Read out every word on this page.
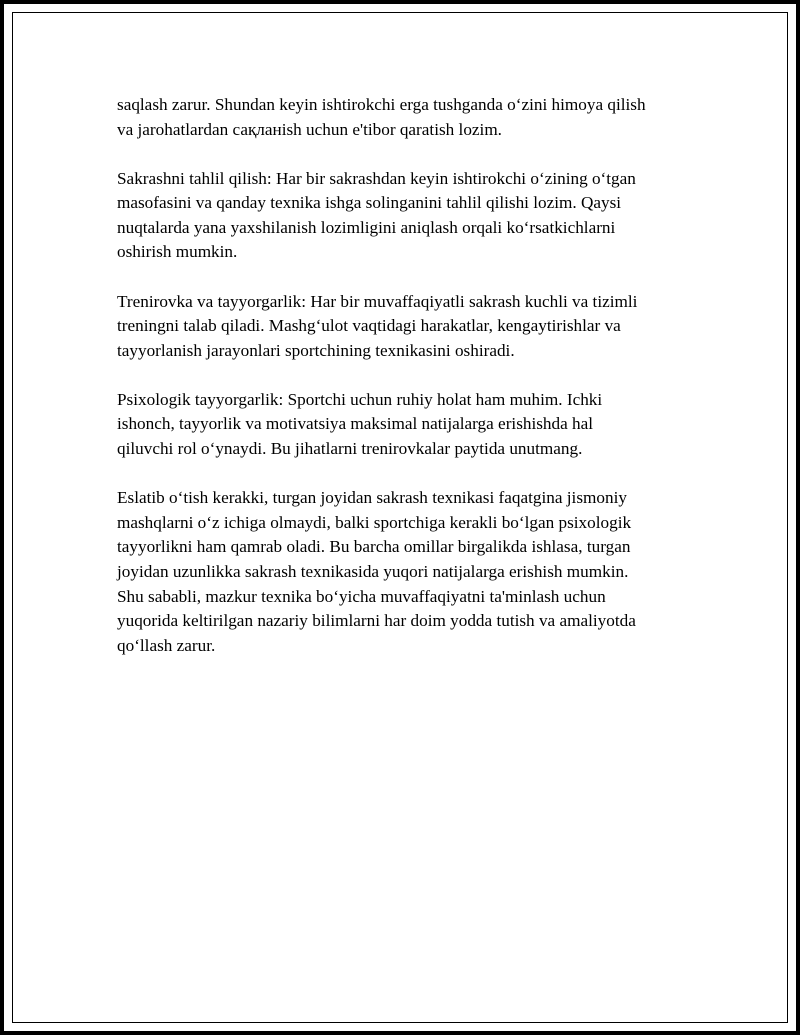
saqlash zarur. Shundan keyin ishtirokchi erga tushganda o‘zini himoya qilish
va jarohatlardan сақланish uchun e'tibor qaratish lozim.

Sakrashni tahlil qilish: Har bir sakrashdan keyin ishtirokchi o‘zining o‘tgan
masofasini va qanday texnika ishga solinganini tahlil qilishi lozim. Qaysi
nuqtalarda yana yaxshilanish lozimligini aniqlash orqali ko‘rsatkichlarni
oshirish mumkin.

Trenirovka va tayyorgarlik: Har bir muvaffaqiyatli sakrash kuchli va tizimli
treningni talab qiladi. Mashg‘ulot vaqtidagi harakatlar, kengaytirishlar va
tayyorlanish jarayonlari sportchining texnikasini oshiradi.

Psixologik tayyorgarlik: Sportchi uchun ruhiy holat ham muhim. Ichki
ishonch, tayyorlik va motivatsiya maksimal natijalarga erishishda hal
qiluvchi rol o‘ynaydi. Bu jihatlarni trenirovkalar paytida unutmang.

Eslatib o‘tish kerakki, turgan joyidan sakrash texnikasi faqatgina jismoniy
mashqlarni o‘z ichiga olmaydi, balki sportchiga kerakli bo‘lgan psixologik
tayyorlikni ham qamrab oladi. Bu barcha omillar birgalikda ishlasa, turgan
joyidan uzunlikka sakrash texnikasida yuqori natijalarga erishish mumkin.
Shu sababli, mazkur texnika bo‘yicha muvaffaqiyatni ta'minlash uchun
yuqorida keltirilgan nazariy bilimlarni har doim yodda tutish va amaliyotda
qo‘llash zarur.
